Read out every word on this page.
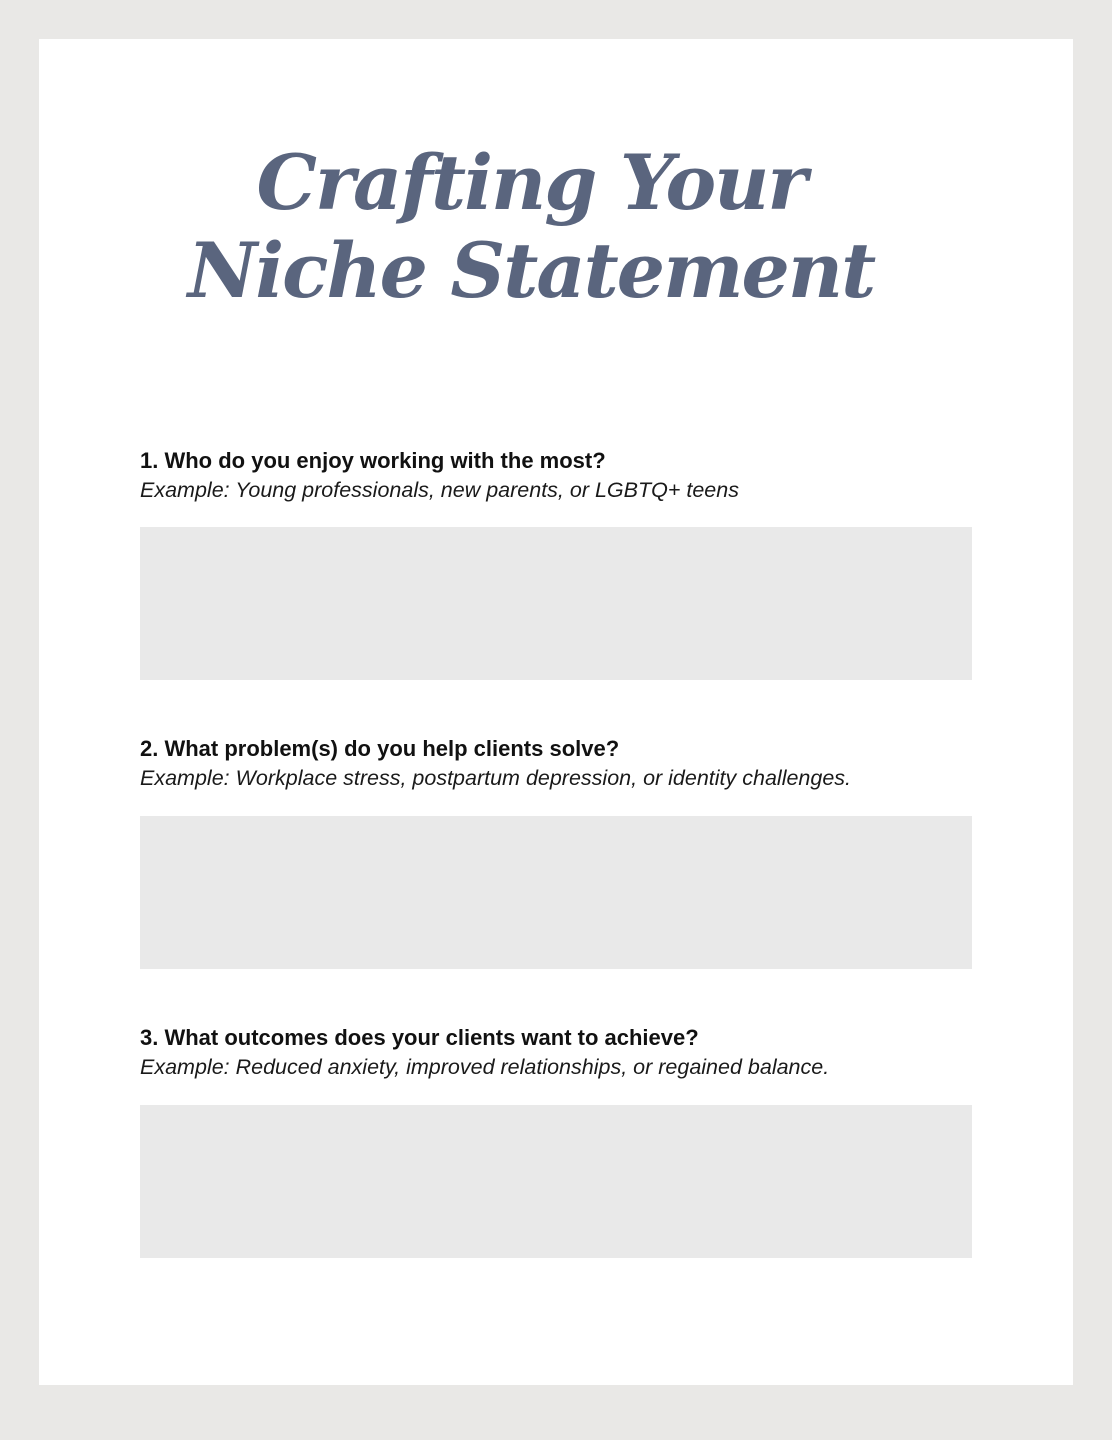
Crafting Your
Niche Statement
1. Who do you enjoy working with the most?
Example: Young professionals, new parents, or LGBTQ+ teens
2. What problem(s) do you help clients solve?
Example: Workplace stress, postpartum depression, or identity challenges.
3. What outcomes does your clients want to achieve?
Example: Reduced anxiety, improved relationships, or regained balance.
